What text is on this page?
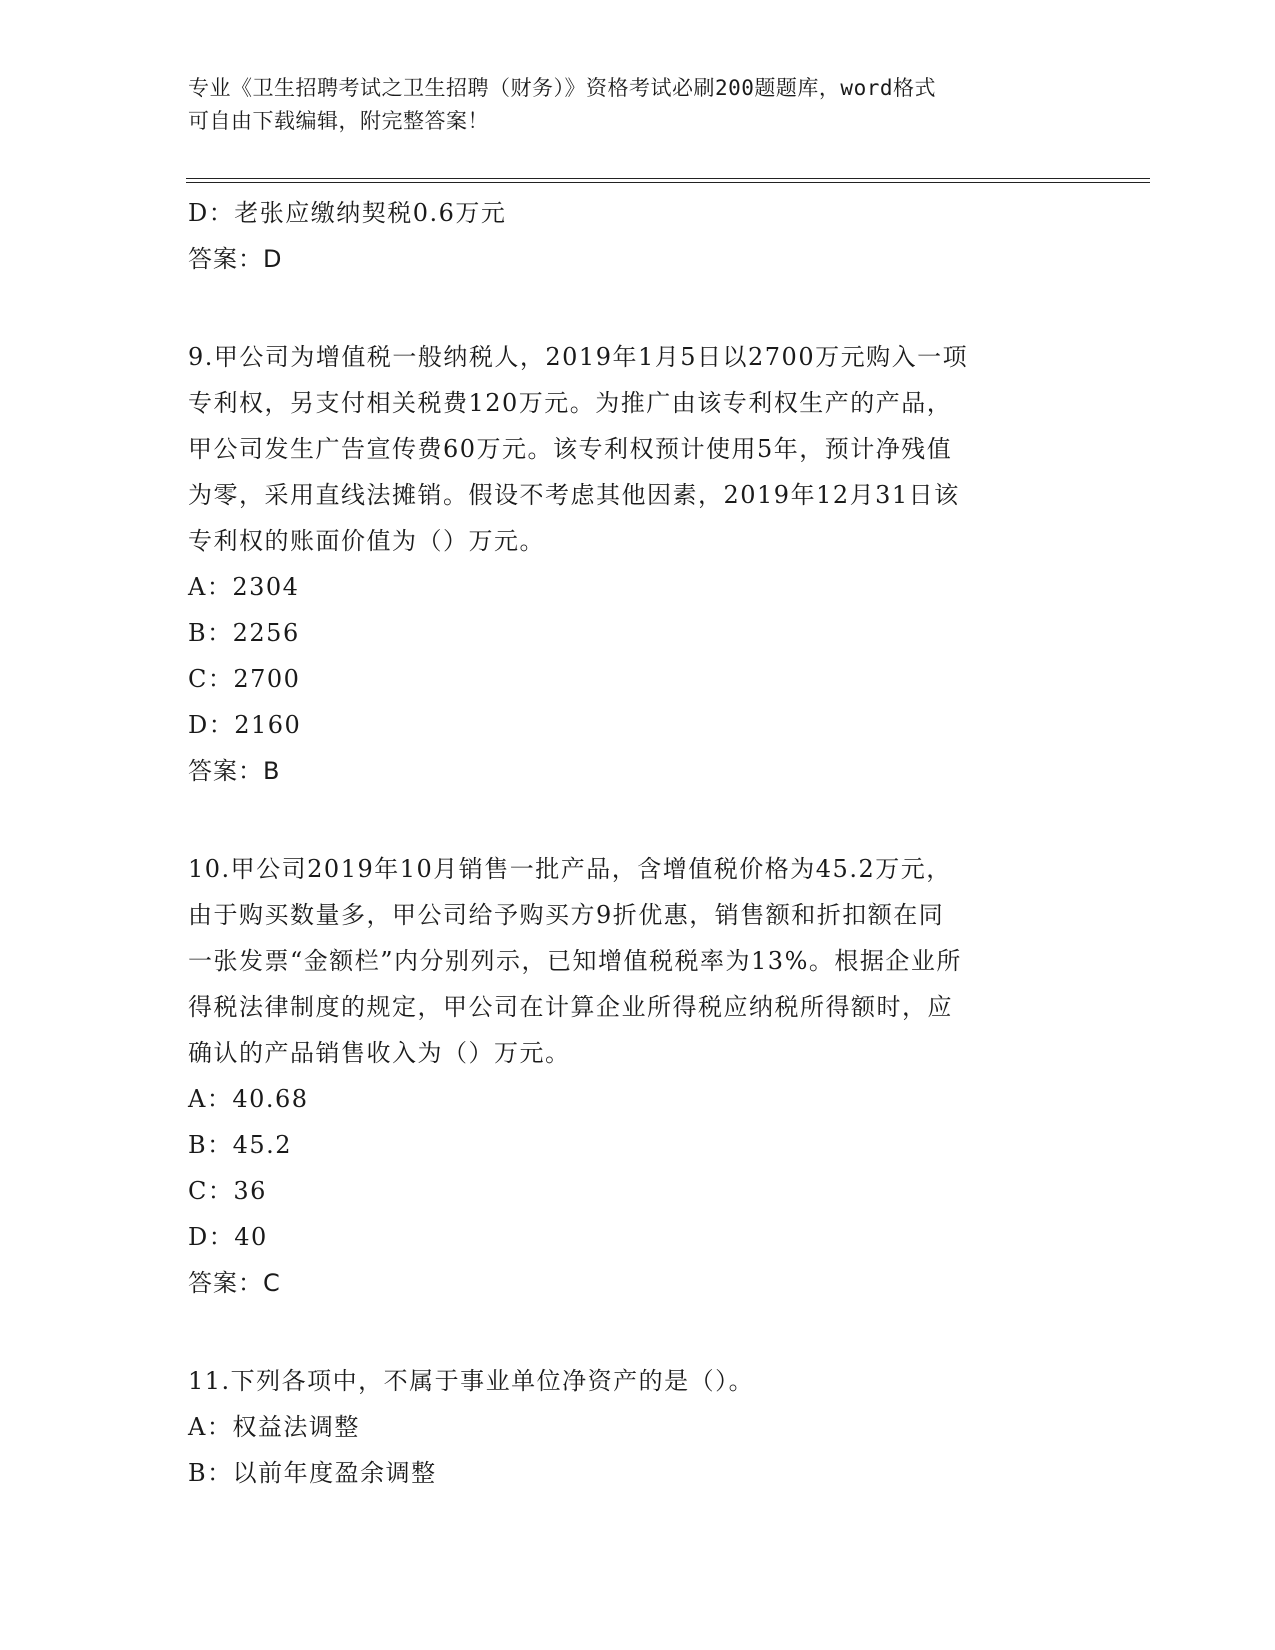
专业《卫生招聘考试之卫生招聘（财务）》资格考试必刷200题题库，word格式
可自由下载编辑，附完整答案！
D：老张应缴纳契税0.6万元
答案：D
9.甲公司为增值税一般纳税人，2019年1月5日以2700万元购入一项
专利权，另支付相关税费120万元。为推广由该专利权生产的产品，
甲公司发生广告宣传费60万元。该专利权预计使用5年，预计净残值
为零，采用直线法摊销。假设不考虑其他因素，2019年12月31日该
专利权的账面价值为（）万元。
A：2304
B：2256
C：2700
D：2160
答案：B
10.甲公司2019年10月销售一批产品，含增值税价格为45.2万元，
由于购买数量多，甲公司给予购买方9折优惠，销售额和折扣额在同
一张发票“金额栏”内分别列示，已知增值税税率为13%。根据企业所
得税法律制度的规定，甲公司在计算企业所得税应纳税所得额时，应
确认的产品销售收入为（）万元。
A：40.68
B：45.2
C：36
D：40
答案：C
11.下列各项中，不属于事业单位净资产的是（）。
A：权益法调整
B：以前年度盈余调整
